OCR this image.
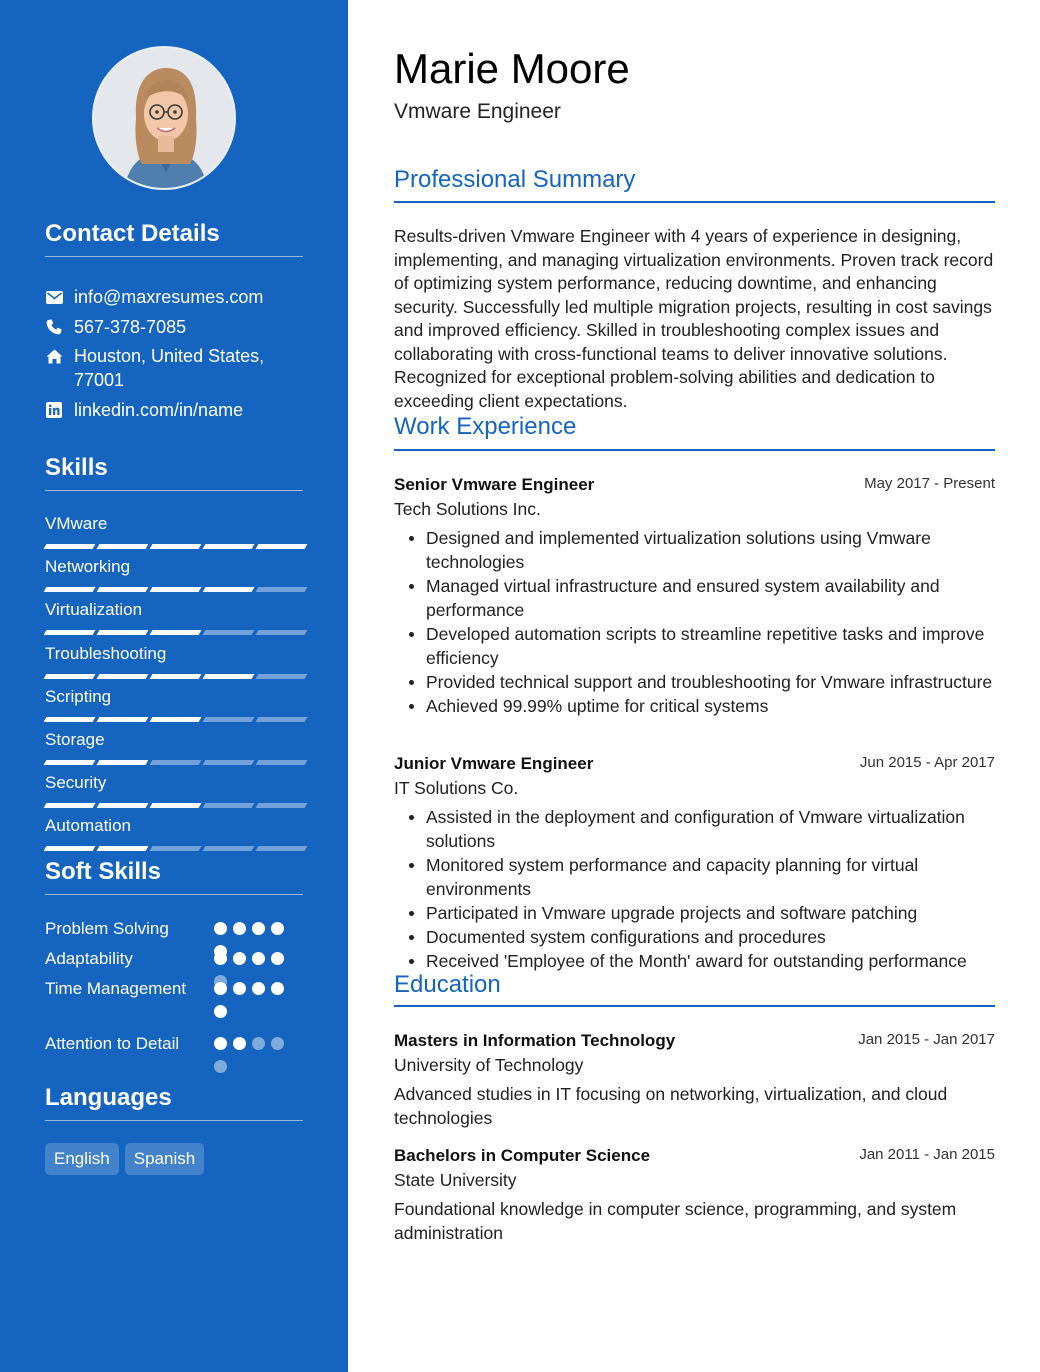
Contact Details
info@maxresumes.com
567-378-7085
Houston, United States, 77001
linkedin.com/in/name
Skills
VMware
Networking
Virtualization
Troubleshooting
Scripting
Storage
Security
Automation
Soft Skills
Problem Solving
Adaptability
Time Management
Attention to Detail
Languages
English	Spanish
Marie Moore
Vmware Engineer
Professional Summary
Results-driven Vmware Engineer with 4 years of experience in designing, implementing, and managing virtualization environments. Proven track record of optimizing system performance, reducing downtime, and enhancing security. Successfully led multiple migration projects, resulting in cost savings and improved efficiency. Skilled in troubleshooting complex issues and collaborating with cross-functional teams to deliver innovative solutions. Recognized for exceptional problem-solving abilities and dedication to exceeding client expectations.
Work Experience
Senior Vmware Engineer	May 2017 - Present
Tech Solutions Inc.
Designed and implemented virtualization solutions using Vmware technologies
Managed virtual infrastructure and ensured system availability and performance
Developed automation scripts to streamline repetitive tasks and improve efficiency
Provided technical support and troubleshooting for Vmware infrastructure
Achieved 99.99% uptime for critical systems
Junior Vmware Engineer	Jun 2015 - Apr 2017
IT Solutions Co.
Assisted in the deployment and configuration of Vmware virtualization solutions
Monitored system performance and capacity planning for virtual environments
Participated in Vmware upgrade projects and software patching
Documented system configurations and procedures
Received 'Employee of the Month' award for outstanding performance
Education
Masters in Information Technology	Jan 2015 - Jan 2017
University of Technology
Advanced studies in IT focusing on networking, virtualization, and cloud technologies
Bachelors in Computer Science	Jan 2011 - Jan 2015
State University
Foundational knowledge in computer science, programming, and system administration
